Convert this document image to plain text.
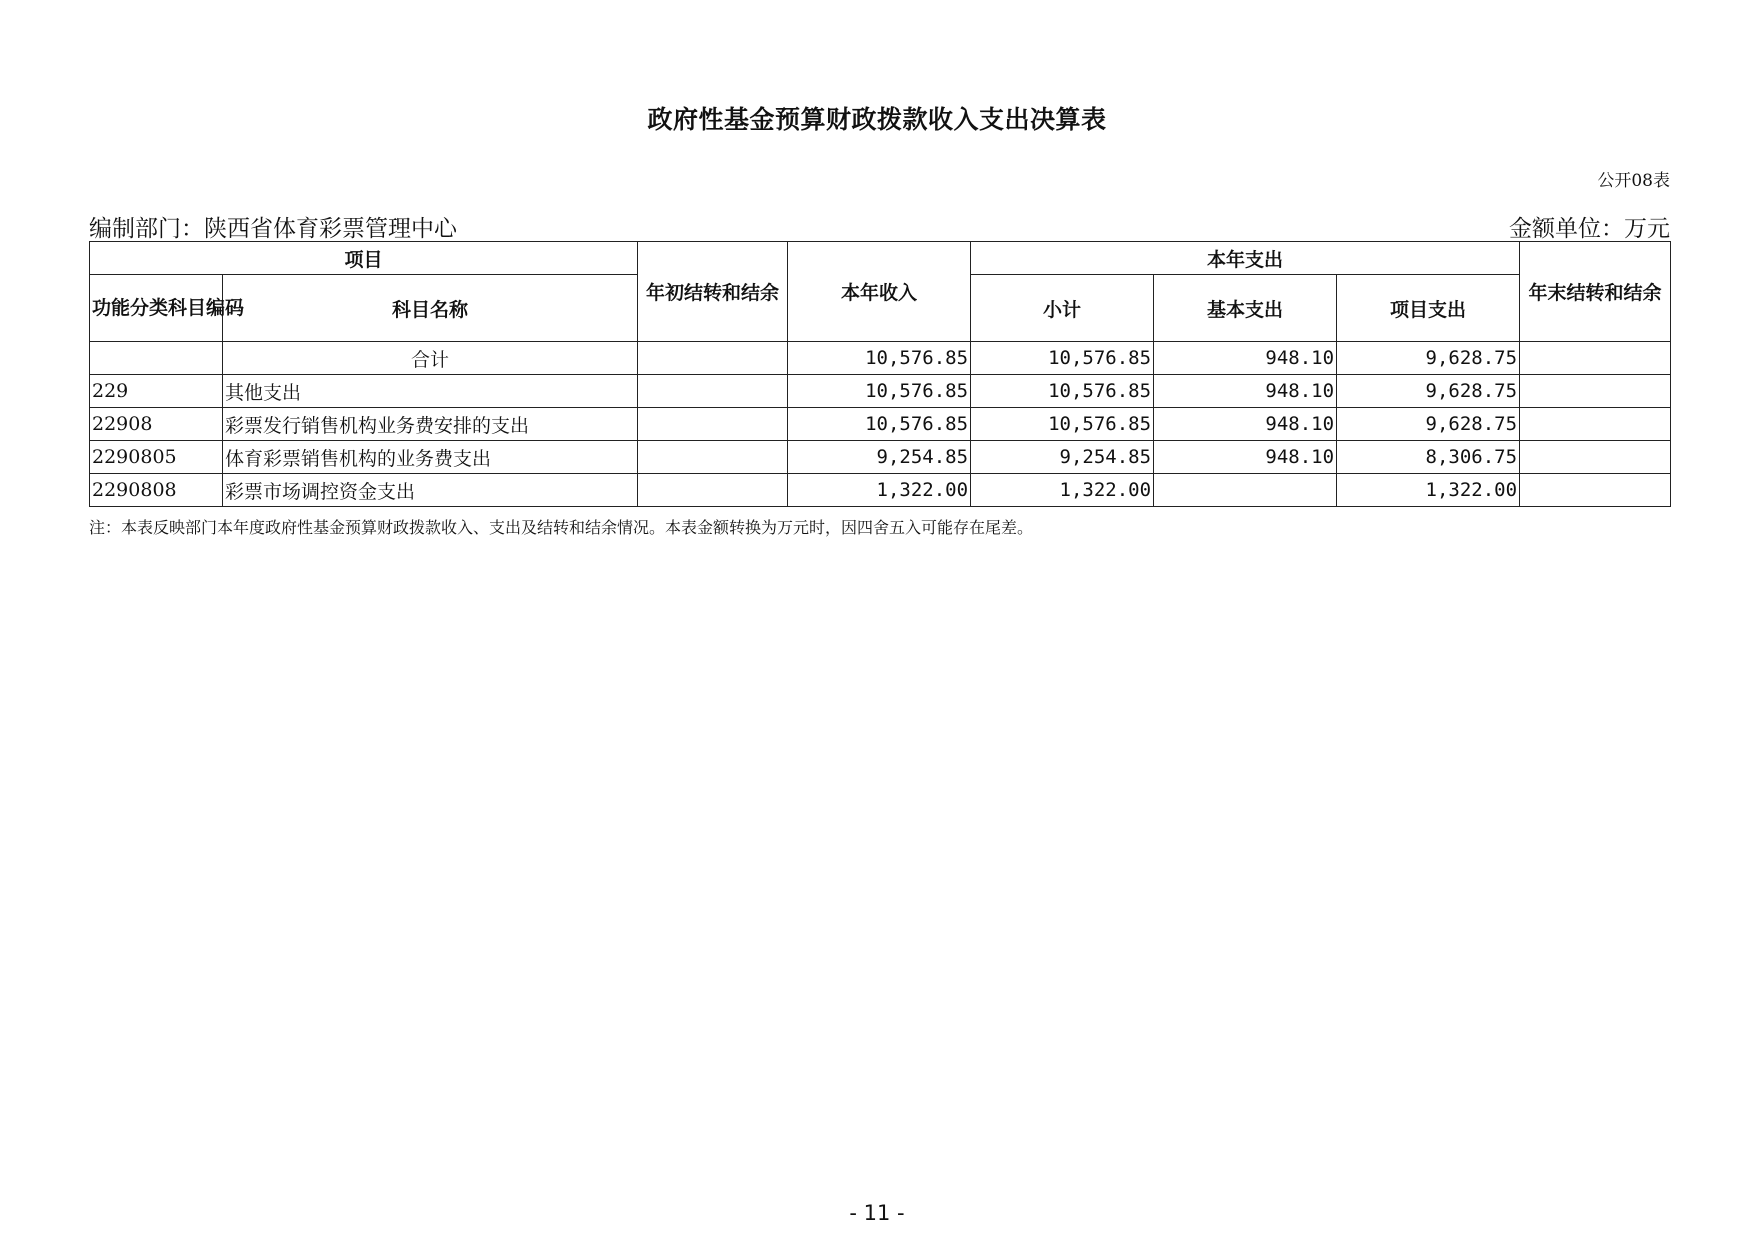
政府性基金预算财政拨款收入支出决算表
公开08表
编制部门：陕西省体育彩票管理中心	金额单位：万元
项目		年初结转和结余	本年收入	本年支出			年末结转和结余
功能分类科目编码	科目名称			小计	基本支出	项目支出	
	合计		10,576.85	10,576.85	948.10	9,628.75	
229	其他支出		10,576.85	10,576.85	948.10	9,628.75	
22908	彩票发行销售机构业务费安排的支出		10,576.85	10,576.85	948.10	9,628.75	
2290805	体育彩票销售机构的业务费支出		9,254.85	9,254.85	948.10	8,306.75	
2290808	彩票市场调控资金支出		1,322.00	1,322.00		1,322.00	
注：本表反映部门本年度政府性基金预算财政拨款收入、支出及结转和结余情况。本表金额转换为万元时，因四舍五入可能存在尾差。
- 11 -
